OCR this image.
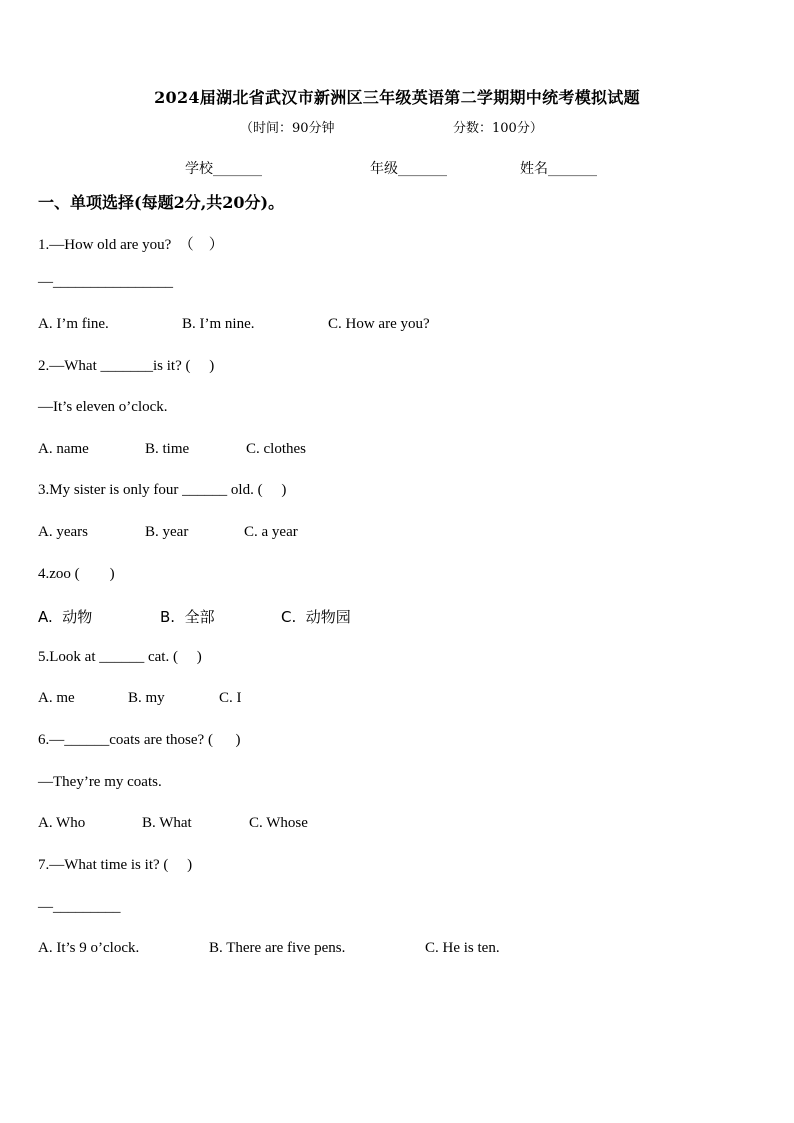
2024届湖北省武汉市新洲区三年级英语第二学期期中统考模拟试题
（时间：90分钟	分数：100分）
学校_______	年级_______	姓名_______
一、单项选择(每题2分,共20分)。
1.—How old are you?  （    ）
—________________
A. I’m fine.	B. I’m nine.	C. How are you?
2.—What _______is it? (     )
—It’s eleven o’clock.
A. name	B. time	C. clothes
3.My sister is only four ______ old. (     )
A. years	B. year	C. a year
4.zoo (        )
A.  动物	B.  全部	C.  动物园
5.Look at ______ cat. (     )
A. me	B. my	C. I
6.—______coats are those? (      )
—They’re my coats.
A. Who	B. What	C. Whose
7.—What time is it? (     )
—_________
A. It’s 9 o’clock.	B. There are five pens.	C. He is ten.
